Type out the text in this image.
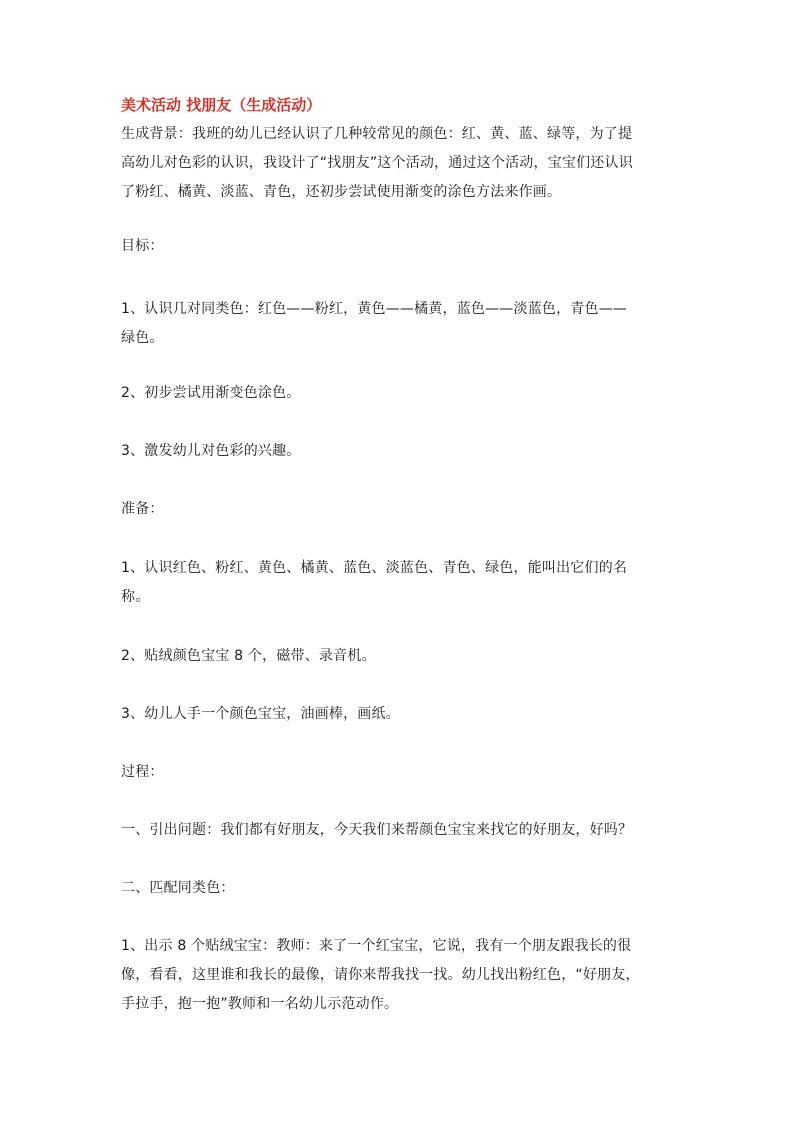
美术活动 找朋友（生成活动）
生成背景：我班的幼儿已经认识了几种较常见的颜色：红、黄、蓝、绿等，为了提
高幼儿对色彩的认识，我设计了“找朋友”这个活动，通过这个活动，宝宝们还认识
了粉红、橘黄、淡蓝、青色，还初步尝试使用渐变的涂色方法来作画。
目标：
1、认识几对同类色：红色——粉红，黄色——橘黄，蓝色——淡蓝色，青色——
绿色。
2、初步尝试用渐变色涂色。
3、激发幼儿对色彩的兴趣。
准备：
1、认识红色、粉红、黄色、橘黄、蓝色、淡蓝色、青色、绿色，能叫出它们的名
称。
2、贴绒颜色宝宝 8 个，磁带、录音机。
3、幼儿人手一个颜色宝宝，油画棒，画纸。
过程：
一、引出问题：我们都有好朋友，今天我们来帮颜色宝宝来找它的好朋友，好吗？
二、匹配同类色：
1、出示 8 个贴绒宝宝：教师：来了一个红宝宝，它说，我有一个朋友跟我长的很
像，看看，这里谁和我长的最像，请你来帮我找一找。幼儿找出粉红色，“好朋友，
手拉手，抱一抱”教师和一名幼儿示范动作。
